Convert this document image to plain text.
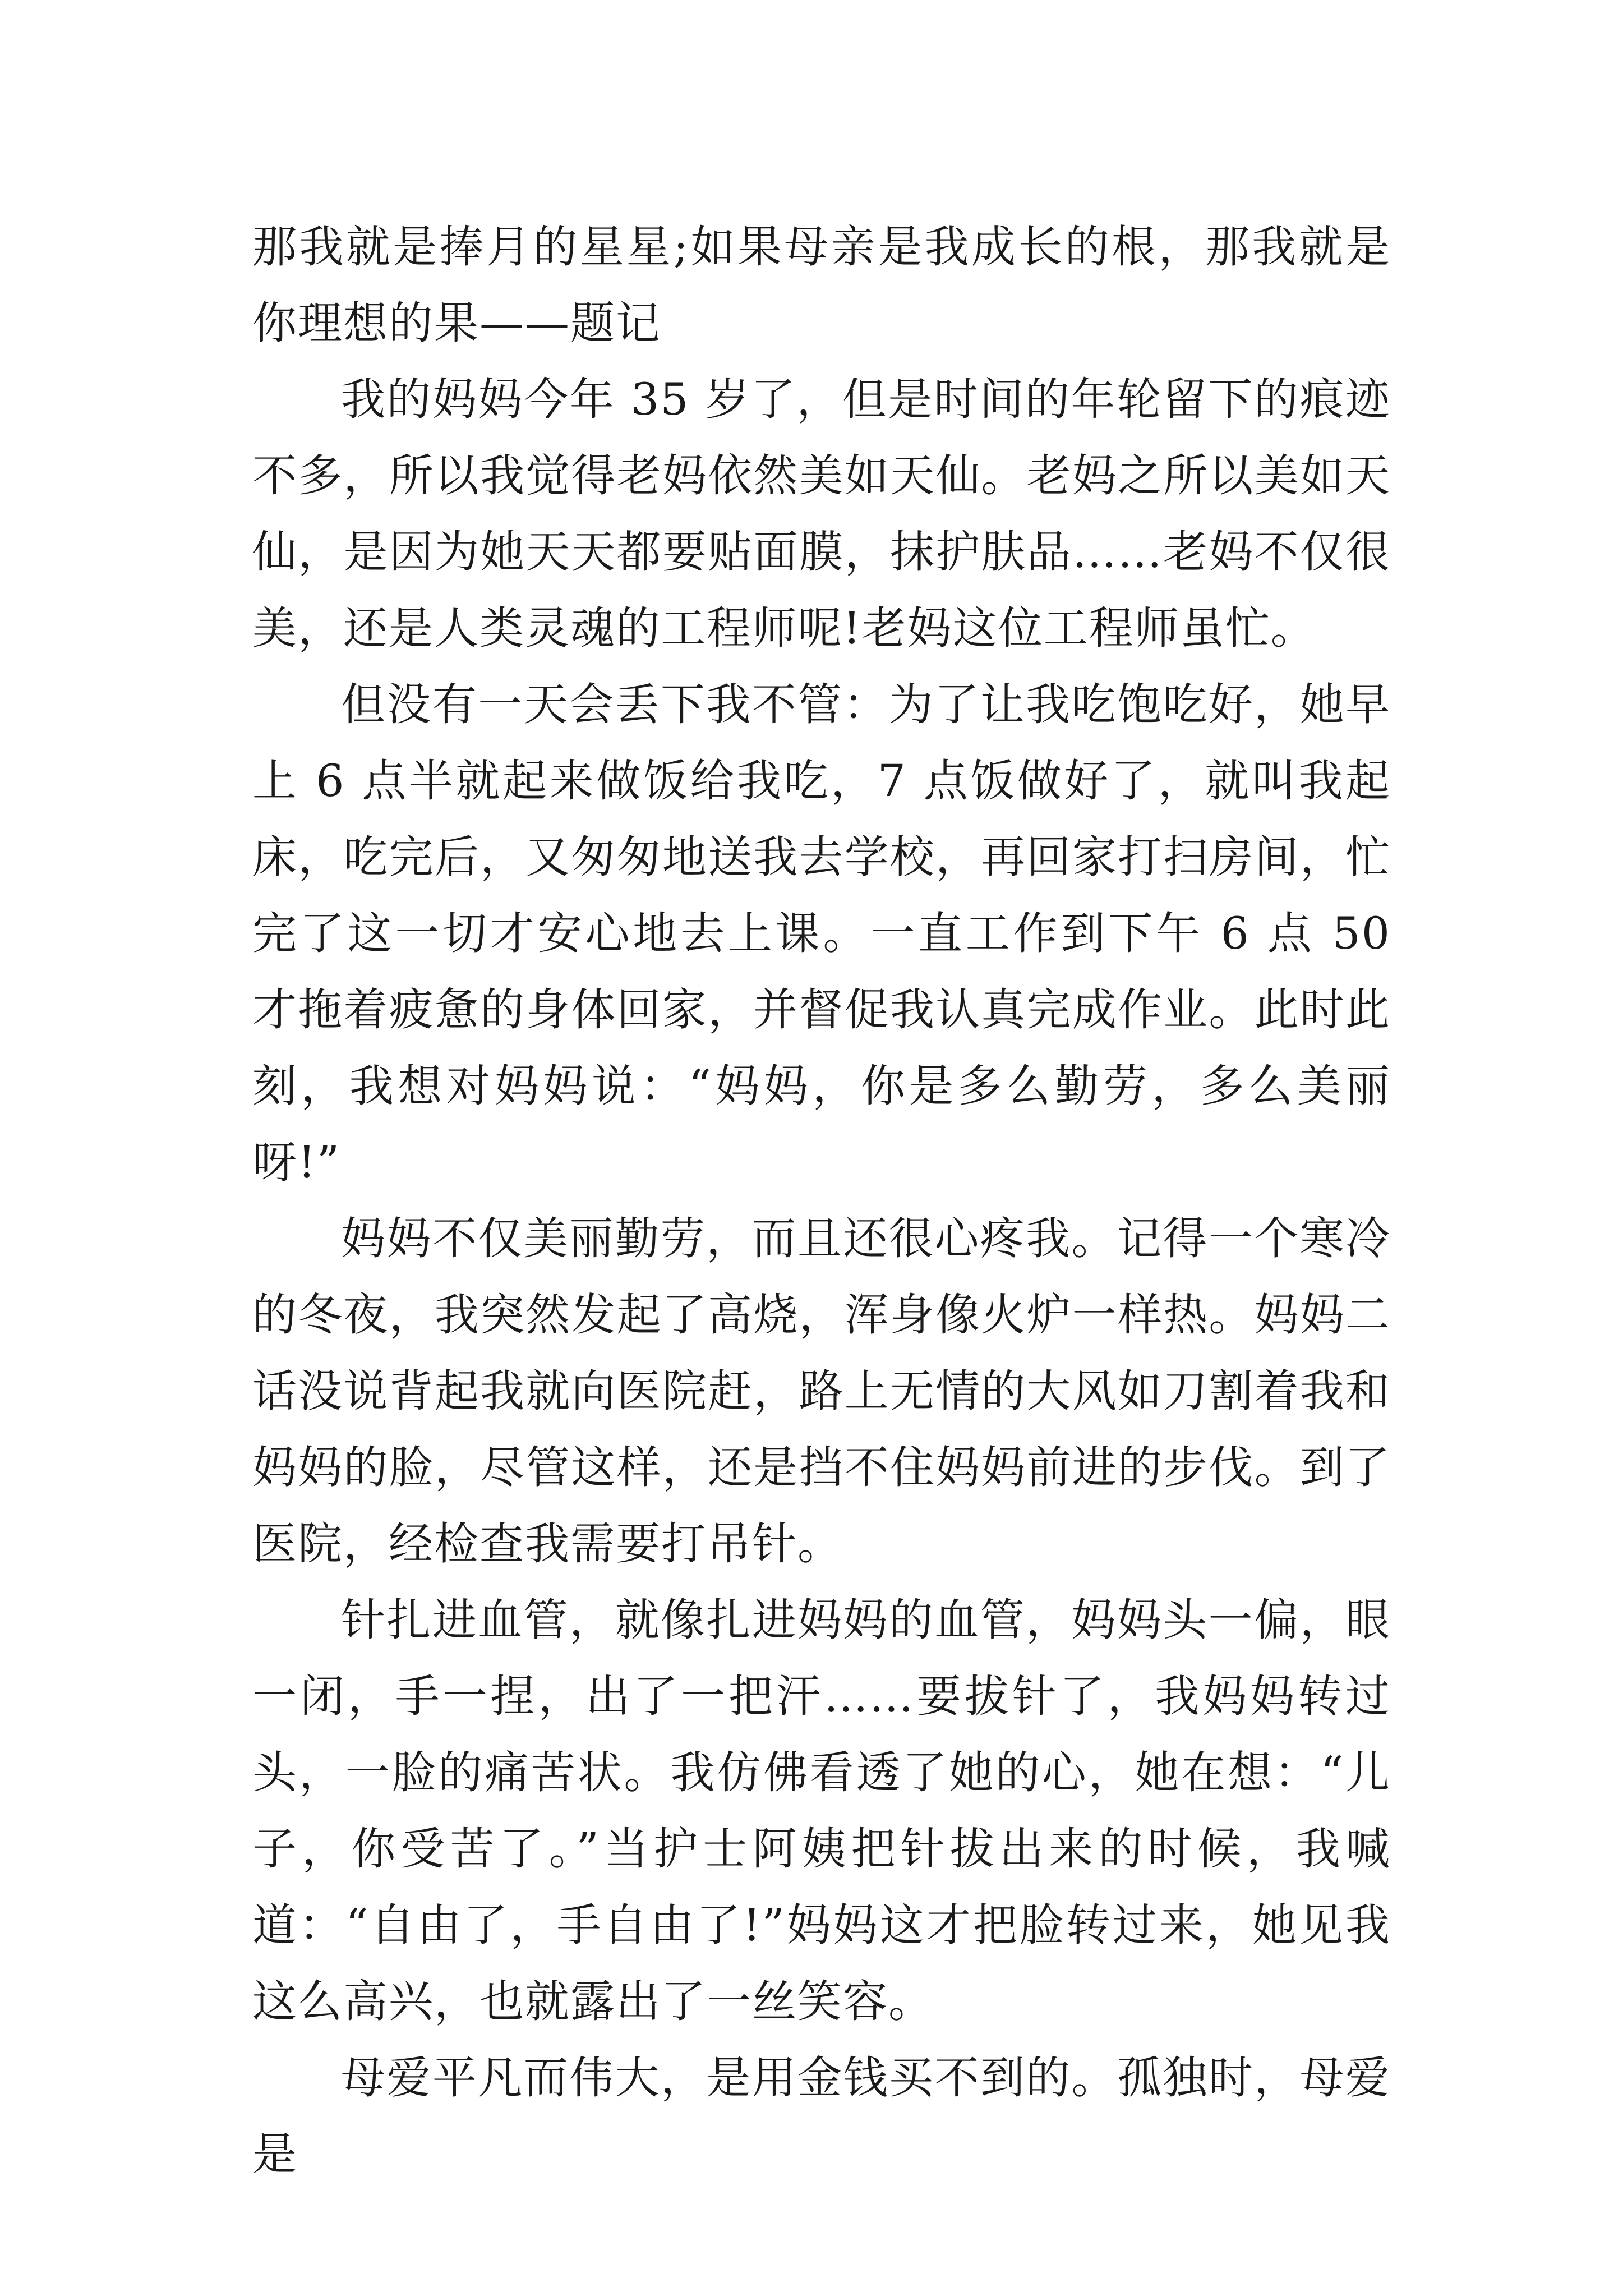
那我就是捧月的星星;如果母亲是我成长的根，那我就是你理想的果——题记

我的妈妈今年 35 岁了，但是时间的年轮留下的痕迹不多，所以我觉得老妈依然美如天仙。老妈之所以美如天仙，是因为她天天都要贴面膜，抹护肤品……老妈不仅很美，还是人类灵魂的工程师呢!老妈这位工程师虽忙。

但没有一天会丢下我不管：为了让我吃饱吃好，她早上 6 点半就起来做饭给我吃，7 点饭做好了，就叫我起床，吃完后，又匆匆地送我去学校，再回家打扫房间，忙完了这一切才安心地去上课。一直工作到下午 6 点 50 才拖着疲惫的身体回家，并督促我认真完成作业。此时此刻，我想对妈妈说：“妈妈，你是多么勤劳，多么美丽呀!”

妈妈不仅美丽勤劳，而且还很心疼我。记得一个寒冷的冬夜，我突然发起了高烧，浑身像火炉一样热。妈妈二话没说背起我就向医院赶，路上无情的大风如刀割着我和妈妈的脸，尽管这样，还是挡不住妈妈前进的步伐。到了医院，经检查我需要打吊针。

针扎进血管，就像扎进妈妈的血管，妈妈头一偏，眼一闭，手一捏，出了一把汗……要拔针了，我妈妈转过头，一脸的痛苦状。我仿佛看透了她的心，她在想：“儿子，你受苦了。”当护士阿姨把针拔出来的时候，我喊道：“自由了，手自由了!”妈妈这才把脸转过来，她见我这么高兴，也就露出了一丝笑容。

母爱平凡而伟大，是用金钱买不到的。孤独时，母爱是
